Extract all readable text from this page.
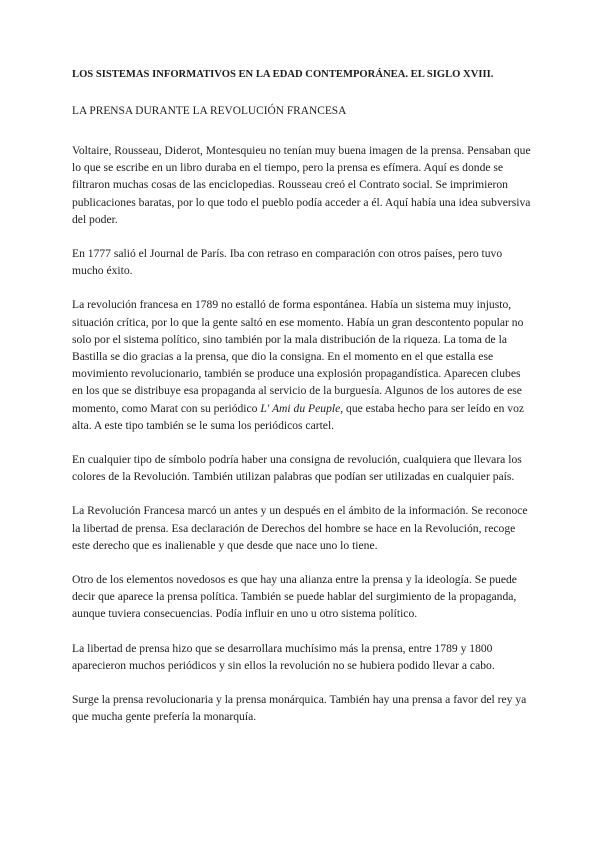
LOS SISTEMAS INFORMATIVOS EN LA EDAD CONTEMPORÁNEA. EL SIGLO XVIII.

LA PRENSA DURANTE LA REVOLUCIÓN FRANCESA

Voltaire, Rousseau, Diderot, Montesquieu no tenían muy buena imagen de la prensa. Pensaban que lo que se escribe en un libro duraba en el tiempo, pero la prensa es efímera. Aquí es donde se filtraron muchas cosas de las enciclopedias. Rousseau creó el Contrato social. Se imprimieron publicaciones baratas, por lo que todo el pueblo podía acceder a él. Aquí había una idea subversiva del poder.

En 1777 salió el Journal de París. Iba con retraso en comparación con otros países, pero tuvo mucho éxito.

La revolución francesa en 1789 no estalló de forma espontánea. Había un sistema muy injusto, situación crítica, por lo que la gente saltó en ese momento. Había un gran descontento popular no solo por el sistema político, sino también por la mala distribución de la riqueza. La toma de la Bastilla se dio gracias a la prensa, que dio la consigna. En el momento en el que estalla ese movimiento revolucionario, también se produce una explosión propagandística. Aparecen clubes en los que se distribuye esa propaganda al servicio de la burguesía. Algunos de los autores de ese momento, como Marat con su periódico L' Ami du Peuple, que estaba hecho para ser leído en voz alta. A este tipo también se le suma los periódicos cartel.

En cualquier tipo de símbolo podría haber una consigna de revolución, cualquiera que llevara los colores de la Revolución. También utilizan palabras que podían ser utilizadas en cualquier país.

La Revolución Francesa marcó un antes y un después en el ámbito de la información. Se reconoce la libertad de prensa. Esa declaración de Derechos del hombre se hace en la Revolución, recoge este derecho que es inalienable y que desde que nace uno lo tiene.

Otro de los elementos novedosos es que hay una alianza entre la prensa y la ideología. Se puede decir que aparece la prensa política. También se puede hablar del surgimiento de la propaganda, aunque tuviera consecuencias. Podía influir en uno u otro sistema político.

La libertad de prensa hizo que se desarrollara muchísimo más la prensa, entre 1789 y 1800 aparecieron muchos periódicos y sin ellos la revolución no se hubiera podido llevar a cabo.

Surge la prensa revolucionaria y la prensa monárquica. También hay una prensa a favor del rey ya que mucha gente prefería la monarquía.
